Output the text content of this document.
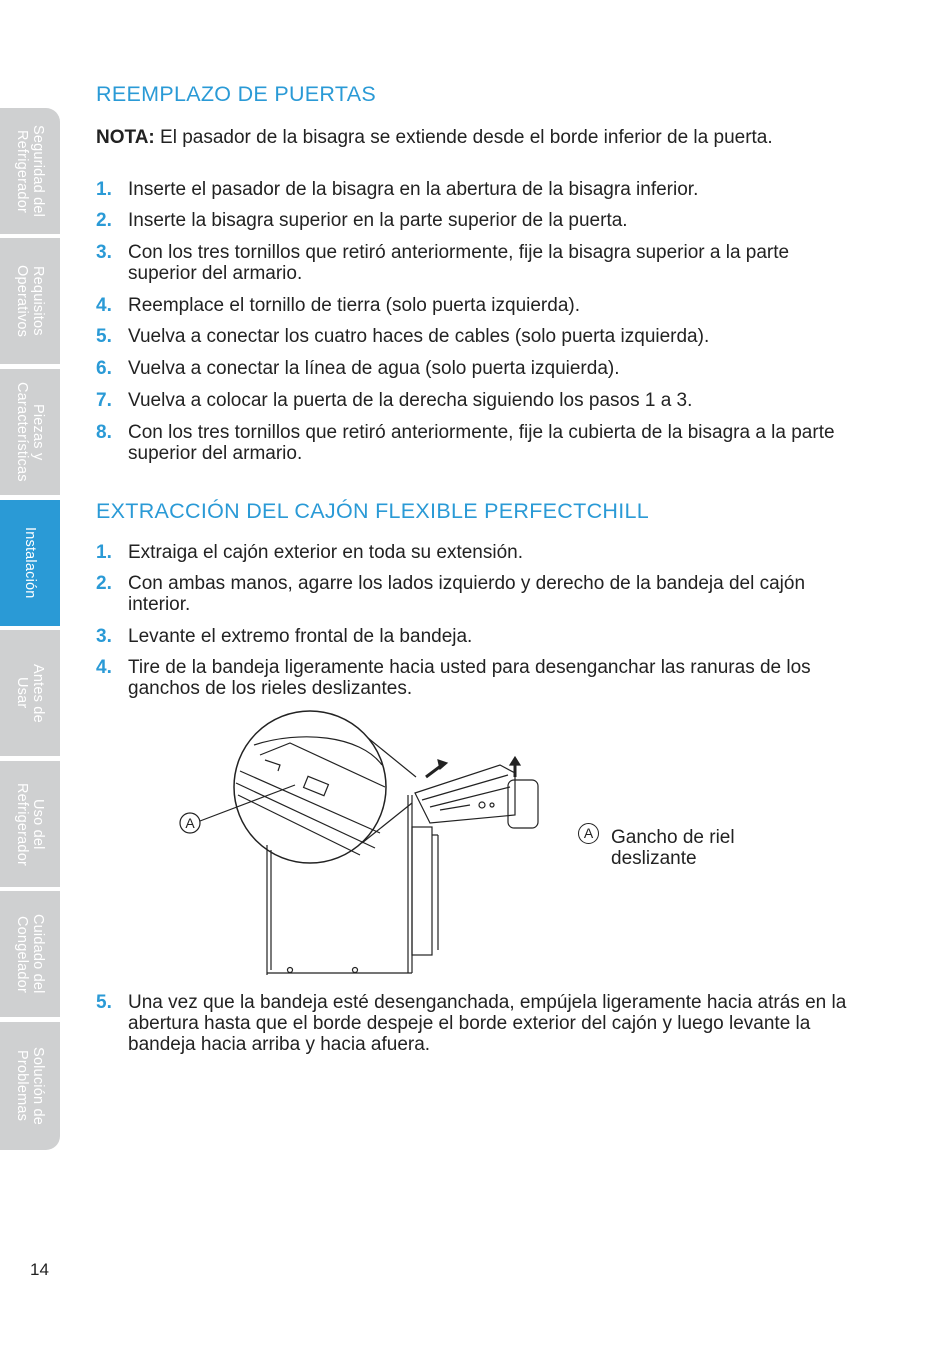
Seguridad del
Refrigerador
Requisitos
Operativos
Piezas y
Características
Instalación
Antes de
Usar
Uso del
Refrigerador
Cuidado del
Congelador
Solución de
Problemas
REEMPLAZO DE PUERTAS

NOTA: El pasador de la bisagra se extiende desde el borde inferior de la puerta.

1. Inserte el pasador de la bisagra en la abertura de la bisagra inferior.
2. Inserte la bisagra superior en la parte superior de la puerta.
3. Con los tres tornillos que retiró anteriormente, fije la bisagra superior a la parte superior del armario.
4. Reemplace el tornillo de tierra (solo puerta izquierda).
5. Vuelva a conectar los cuatro haces de cables (solo puerta izquierda).
6. Vuelva a conectar la línea de agua (solo puerta izquierda).
7. Vuelva a colocar la puerta de la derecha siguiendo los pasos 1 a 3.
8. Con los tres tornillos que retiró anteriormente, fije la cubierta de la bisagra a la parte superior del armario.
EXTRACCIÓN DEL CAJÓN FLEXIBLE PERFECTCHILL
1. Extraiga el cajón exterior en toda su extensión.
2. Con ambas manos, agarre los lados izquierdo y derecho de la bandeja del cajón interior.
3. Levante el extremo frontal de la bandeja.
4. Tire de la bandeja ligeramente hacia usted para desenganchar las ranuras de los ganchos de los rieles deslizantes.
5. Una vez que la bandeja esté desenganchada, empújela ligeramente hacia atrás en la abertura hasta que el borde despeje el borde exterior del cajón y luego levante la bandeja hacia arriba y hacia afuera.
A
A Gancho de riel deslizante
14
